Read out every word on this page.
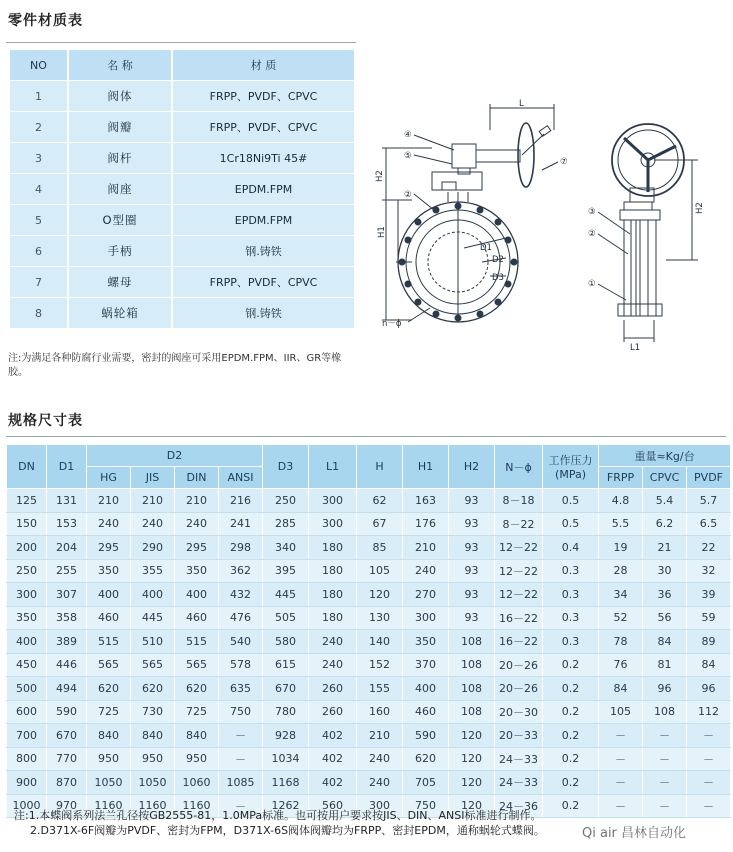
零件材质表
NO	名 称	材 质
1	阀体	FRPP、PVDF、CPVC
2	阀瓣	FRPP、PVDF、CPVC
3	阀杆	1Cr18Ni9Ti 45#
4	阀座	EPDM.FPM
5	O型圈	EPDM.FPM
6	手柄	钢.铸铁
7	螺母	FRPP、PVDF、CPVC
8	蜗轮箱	钢.铸铁
注:为满足各种防腐行业需要，密封的阀座可采用EPDM.FPM、IIR、GR等橡胶。
L
H2
H1
④
⑤
②
⑦
n－ϕ
D1
D2
D3
H2
L1
③
②
①
规格尺寸表
DN	D1	D2				D3	L1	H	H1	H2	N－ϕ	工作压力
(MPa)	重量≈Kg/台		
		HG	JIS	DIN	ANSI								FRPP	CPVC	PVDF
125	131	210	210	210	216	250	300	62	163	93	8－18	0.5	4.8	5.4	5.7
150	153	240	240	240	241	285	300	67	176	93	8－22	0.5	5.5	6.2	6.5
200	204	295	290	295	298	340	180	85	210	93	12－22	0.4	19	21	22
250	255	350	355	350	362	395	180	105	240	93	12－22	0.3	28	30	32
300	307	400	400	400	432	445	180	120	270	93	12－22	0.3	34	36	39
350	358	460	445	460	476	505	180	130	300	93	16－22	0.3	52	56	59
400	389	515	510	515	540	580	240	140	350	108	16－22	0.3	78	84	89
450	446	565	565	565	578	615	240	152	370	108	20－26	0.2	76	81	84
500	494	620	620	620	635	670	260	155	400	108	20－26	0.2	84	96	96
600	590	725	730	725	750	780	260	160	460	108	20－30	0.2	105	108	112
700	670	840	840	840	－	928	402	210	590	120	20－33	0.2	－	－	－
800	770	950	950	950	－	1034	402	240	620	120	24－33	0.2	－	－	－
900	870	1050	1050	1060	1085	1168	402	240	705	120	24－33	0.2	－	－	－
1000	970	1160	1160	1160	－	1262	560	300	750	120	24－36	0.2	－	－	－
注:1.本蝶阀系列法兰孔径按GB2555-81，1.0MPa标准。也可按用户要求按JIS、DIN、ANSI标准进行制作。
2.D371X-6F阀瓣为PVDF、密封为FPM，D371X-6S阀体阀瓣均为FRPP、密封EPDM，通称蜗轮式蝶阀。	Qi air 昌林自动化
